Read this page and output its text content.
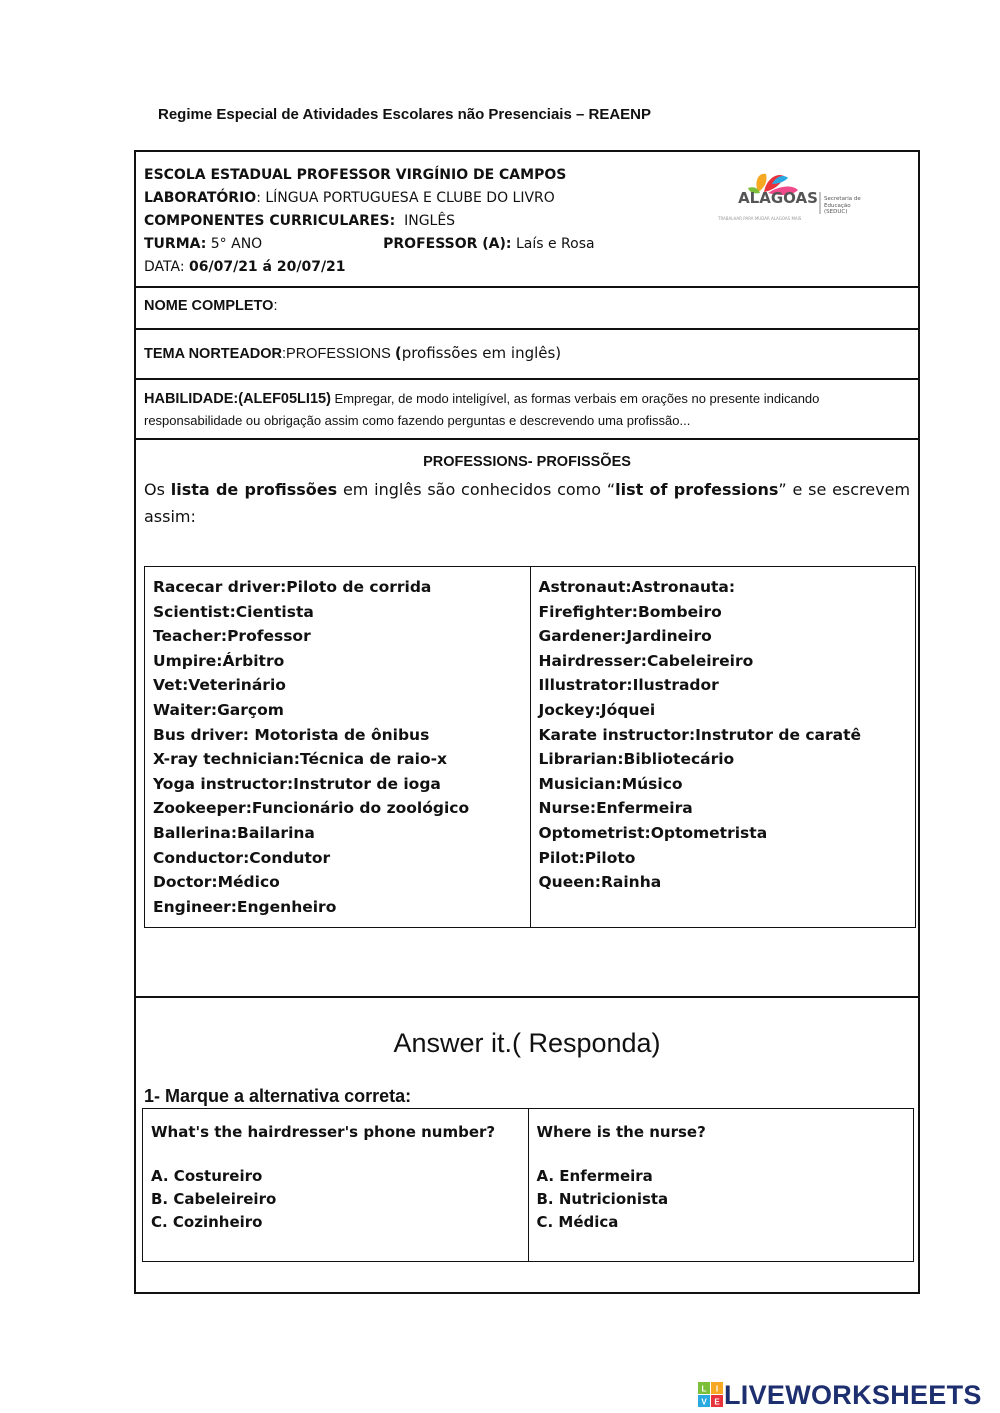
Regime Especial de Atividades Escolares não Presenciais – REAENP
ESCOLA ESTADUAL PROFESSOR VIRGÍNIO DE CAMPOS
LABORATÓRIO: LÍNGUA PORTUGUESA E CLUBE DO LIVRO
COMPONENTES CURRICULARES:  INGLÊS
TURMA: 5° ANO	PROFESSOR (A): Laís e Rosa
DATA: 06/07/21 á 20/07/21
ALAGOAS
TRABALHAR PARA MUDAR ALAGOAS MAIS
Secretaria de
Educação
(SEDUC)
NOME COMPLETO:
TEMA NORTEADOR:PROFESSIONS (profissões em inglês)
HABILIDADE:(ALEF05LI15) Empregar, de modo inteligível, as formas verbais em orações no presente indicando responsabilidade ou obrigação assim como fazendo perguntas e descrevendo uma profissão...
PROFESSIONS- PROFISSÕES
Os lista de profissões em inglês são conhecidos como “list of professions” e se escrevem assim:
Racecar driver:Piloto de corrida
Scientist:Cientista
Teacher:Professor
Umpire:Árbitro
Vet:Veterinário
Waiter:Garçom
Bus driver: Motorista de ônibus
X-ray technician:Técnica de raio-x
Yoga instructor:Instrutor de ioga
Zookeeper:Funcionário do zoológico
Ballerina:Bailarina
Conductor:Condutor
Doctor:Médico
Engineer:Engenheiro
Astronaut:Astronauta:
Firefighter:Bombeiro
Gardener:Jardineiro
Hairdresser:Cabeleireiro
Illustrator:Ilustrador
Jockey:Jóquei
Karate instructor:Instrutor de caratê
Librarian:Bibliotecário
Musician:Músico
Nurse:Enfermeira
Optometrist:Optometrista
Pilot:Piloto
Queen:Rainha
Answer it.( Responda)
1- Marque a alternativa correta:
What's the hairdresser's phone number?
A. Costureiro
B. Cabeleireiro
C. Cozinheiro
Where is the nurse?
A. Enfermeira
B. Nutricionista
C. Médica
L I
V E LIVEWORKSHEETS
